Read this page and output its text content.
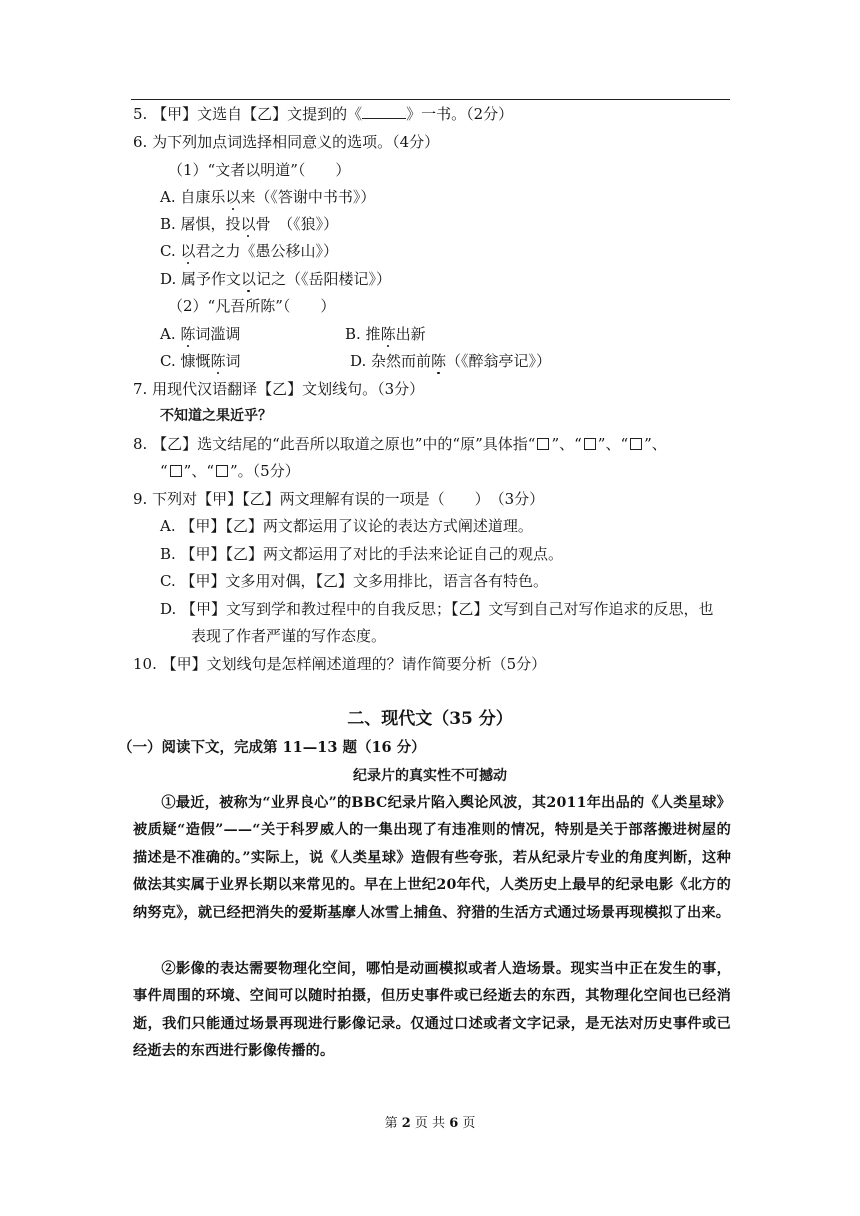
5. 【甲】文选自【乙】文提到的《	》一书。（2分）
6. 为下列加点词选择相同意义的选项。（4分）
（1）“文者以明道”（　　）
A. 自康乐以来（《答谢中书书》）
B. 屠惧，投以骨　（《狼》）
C. 以君之力《愚公移山》）
D. 属予作文以记之（《岳阳楼记》）
（2）“凡吾所陈”（　　）
A. 陈词滥调	B. 推陈出新
C. 慷慨陈词	D. 杂然而前陈（《醉翁亭记》）
7. 用现代汉语翻译【乙】文划线句。（3分）
不知道之果近乎？
8. 【乙】选文结尾的“此吾所以取道之原也”中的“原”具体指“ ”、“ ”、“ ”、
“ ”、“ ”。（5分）
9. 下列对【甲】【乙】两文理解有误的一项是（　　）　（3分）
A. 【甲】【乙】两文都运用了议论的表达方式阐述道理。
B. 【甲】【乙】两文都运用了对比的手法来论证自己的观点。
C. 【甲】文多用对偶，【乙】文多用排比，语言各有特色。
D. 【甲】文写到学和教过程中的自我反思；【乙】文写到自己对写作追求的反思，也
表现了作者严谨的写作态度。
10. 【甲】文划线句是怎样阐述道理的？请作简要分析（5分）
二、现代文（35 分）
（一）阅读下文，完成第 11—13 题（16 分）
纪录片的真实性不可撼动

①最近，被称为“业界良心”的BBC纪录片陷入舆论风波，其2011年出品的《人类星球》被质疑“造假”——“关于科罗威人的一集出现了有违准则的情况，特别是关于部落搬进树屋的描述是不准确的。”实际上，说《人类星球》造假有些夸张，若从纪录片专业的角度判断，这种做法其实属于业界长期以来常见的。早在上世纪20年代，人类历史上最早的纪录电影《北方的纳努克》，就已经把消失的爱斯基摩人冰雪上捕鱼、狩猎的生活方式通过场景再现模拟了出来。

②影像的表达需要物理化空间，哪怕是动画模拟或者人造场景。现实当中正在发生的事，事件周围的环境、空间可以随时拍摄，但历史事件或已经逝去的东西，其物理化空间也已经消逝，我们只能通过场景再现进行影像记录。仅通过口述或者文字记录，是无法对历史事件或已经逝去的东西进行影像传播的。

第 2 页 共 6 页
